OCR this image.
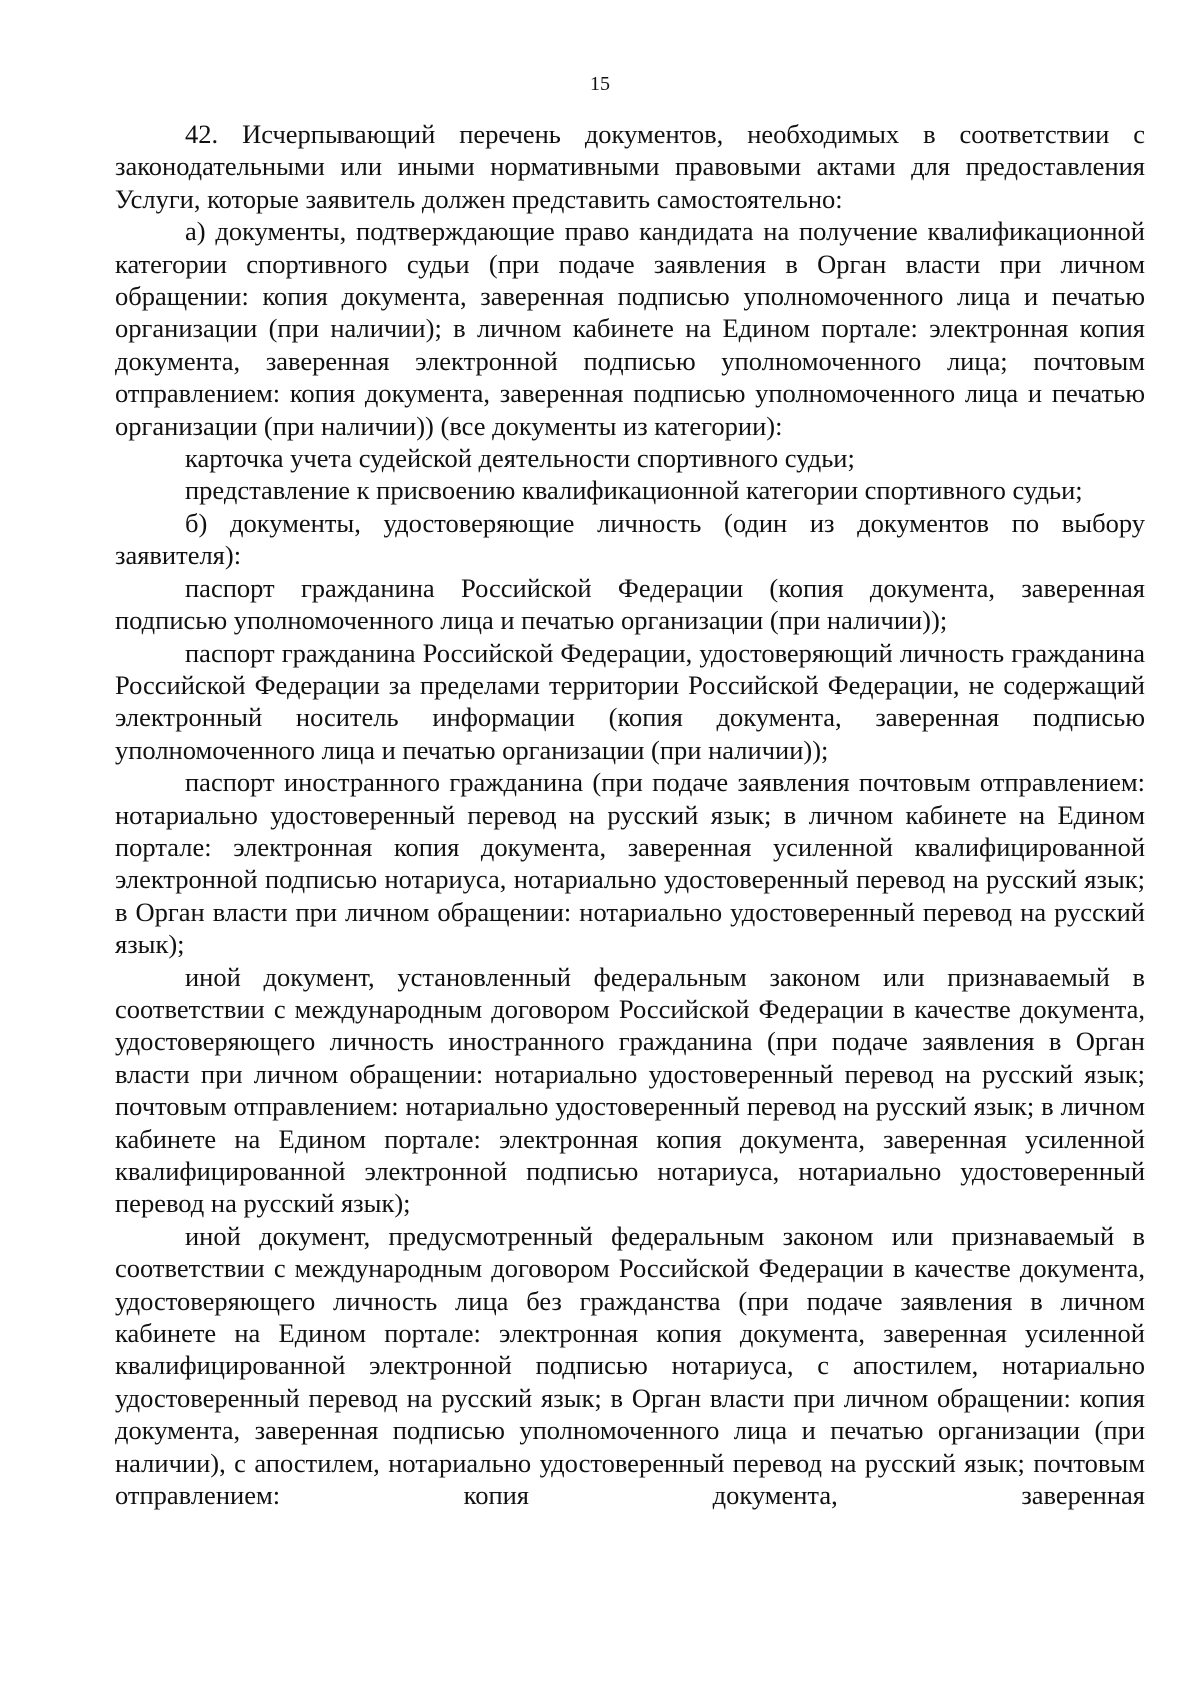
15

42. Исчерпывающий перечень документов, необходимых в соответствии с законодательными или иными нормативными правовыми актами для предоставления Услуги, которые заявитель должен представить самостоятельно:

а) документы, подтверждающие право кандидата на получение квалификационной категории спортивного судьи (при подаче заявления в Орган власти при личном обращении: копия документа, заверенная подписью уполномоченного лица и печатью организации (при наличии); в личном кабинете на Едином портале: электронная копия документа, заверенная электронной подписью уполномоченного лица; почтовым отправлением: копия документа, заверенная подписью уполномоченного лица и печатью организации (при наличии)) (все документы из категории):

карточка учета судейской деятельности спортивного судьи;

представление к присвоению квалификационной категории спортивного судьи;

б) документы, удостоверяющие личность (один из документов по выбору заявителя):

паспорт гражданина Российской Федерации (копия документа, заверенная подписью уполномоченного лица и печатью организации (при наличии));

паспорт гражданина Российской Федерации, удостоверяющий личность гражданина Российской Федерации за пределами территории Российской Федерации, не содержащий электронный носитель информации (копия документа, заверенная подписью уполномоченного лица и печатью организации (при наличии));

паспорт иностранного гражданина (при подаче заявления почтовым отправлением: нотариально удостоверенный перевод на русский язык; в личном кабинете на Едином портале: электронная копия документа, заверенная усиленной квалифицированной электронной подписью нотариуса, нотариально удостоверенный перевод на русский язык; в Орган власти при личном обращении: нотариально удостоверенный перевод на русский язык);

иной документ, установленный федеральным законом или признаваемый в соответствии с международным договором Российской Федерации в качестве документа, удостоверяющего личность иностранного гражданина (при подаче заявления в Орган власти при личном обращении: нотариально удостоверенный перевод на русский язык; почтовым отправлением: нотариально удостоверенный перевод на русский язык; в личном кабинете на Едином портале: электронная копия документа, заверенная усиленной квалифицированной электронной подписью нотариуса, нотариально удостоверенный перевод на русский язык);

иной документ, предусмотренный федеральным законом или признаваемый в соответствии с международным договором Российской Федерации в качестве документа, удостоверяющего личность лица без гражданства (при подаче заявления в личном кабинете на Едином портале: электронная копия документа, заверенная усиленной квалифицированной электронной подписью нотариуса, с апостилем, нотариально удостоверенный перевод на русский язык; в Орган власти при личном обращении: копия документа, заверенная подписью уполномоченного лица и печатью организации (при наличии), с апостилем, нотариально удостоверенный перевод на русский язык; почтовым отправлением: копия документа, заверенная
